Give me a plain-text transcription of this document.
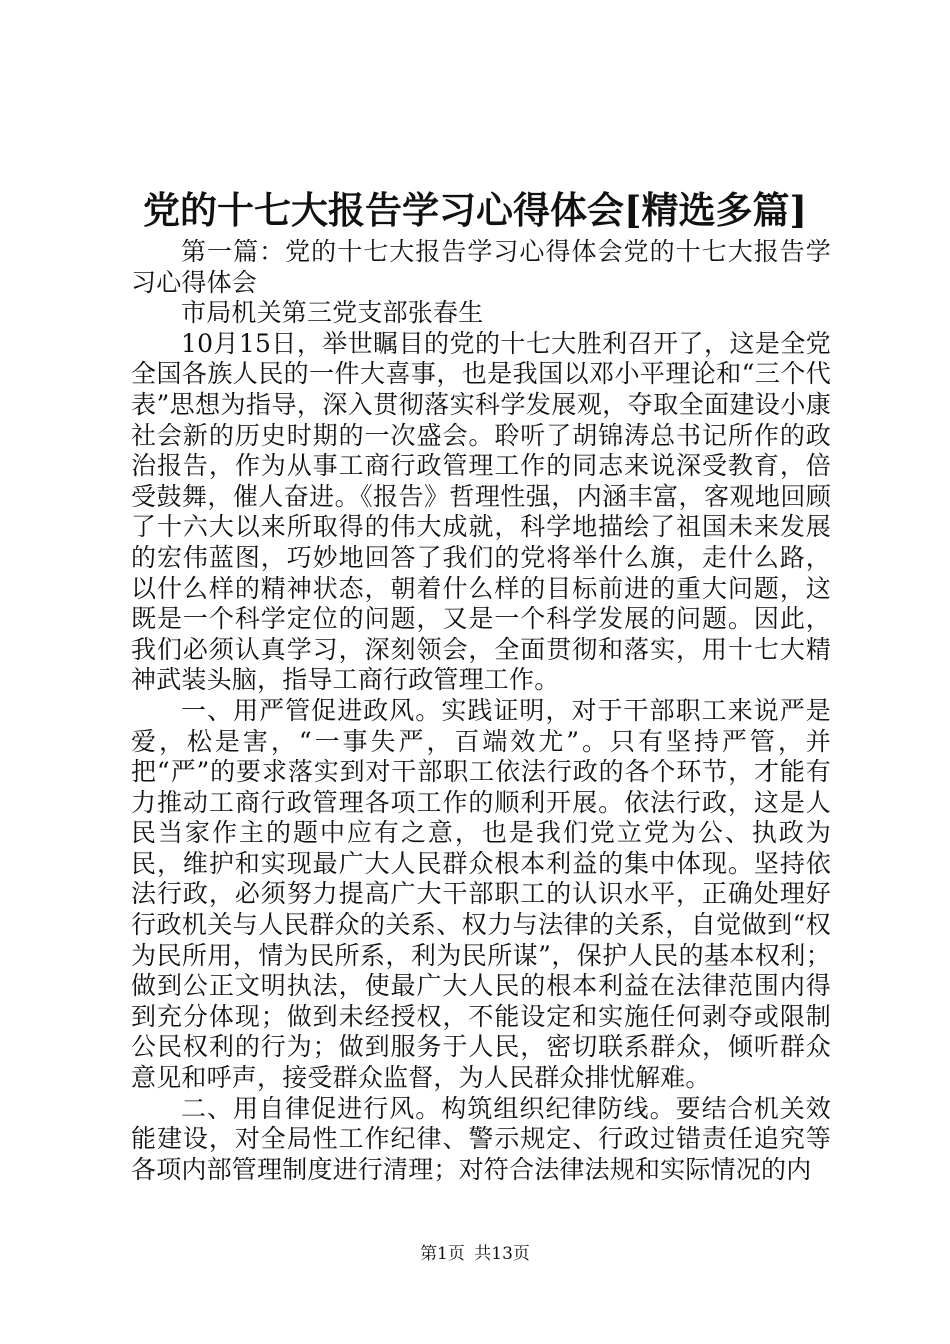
党的十七大报告学习心得体会[精选多篇]

第一篇：党的十七大报告学习心得体会党的十七大报告学习心得体会

市局机关第三党支部张春生

10月15日，举世瞩目的党的十七大胜利召开了，这是全党全国各族人民的一件大喜事，也是我国以邓小平理论和“三个代表”思想为指导，深入贯彻落实科学发展观，夺取全面建设小康社会新的历史时期的一次盛会。聆听了胡锦涛总书记所作的政治报告，作为从事工商行政管理工作的同志来说深受教育，倍受鼓舞，催人奋进。《报告》哲理性强，内涵丰富，客观地回顾了十六大以来所取得的伟大成就，科学地描绘了祖国未来发展的宏伟蓝图，巧妙地回答了我们的党将举什么旗，走什么路，以什么样的精神状态，朝着什么样的目标前进的重大问题，这既是一个科学定位的问题，又是一个科学发展的问题。因此，我们必须认真学习，深刻领会，全面贯彻和落实，用十七大精神武装头脑，指导工商行政管理工作。

一、用严管促进政风。实践证明，对于干部职工来说严是爱，松是害，“一事失严，百端效尤”。只有坚持严管，并把“严”的要求落实到对干部职工依法行政的各个环节，才能有力推动工商行政管理各项工作的顺利开展。依法行政，这是人民当家作主的题中应有之意，也是我们党立党为公、执政为民，维护和实现最广大人民群众根本利益的集中体现。坚持依法行政，必须努力提高广大干部职工的认识水平，正确处理好行政机关与人民群众的关系、权力与法律的关系，自觉做到“权为民所用，情为民所系，利为民所谋”，保护人民的基本权利；做到公正文明执法，使最广大人民的根本利益在法律范围内得到充分体现；做到未经授权，不能设定和实施任何剥夺或限制公民权利的行为；做到服务于人民，密切联系群众，倾听群众意见和呼声，接受群众监督，为人民群众排忧解难。

二、用自律促进行风。构筑组织纪律防线。要结合机关效能建设，对全局性工作纪律、警示规定、行政过错责任追究等各项内部管理制度进行清理；对符合法律法规和实际情况的内

第1页 共13页
